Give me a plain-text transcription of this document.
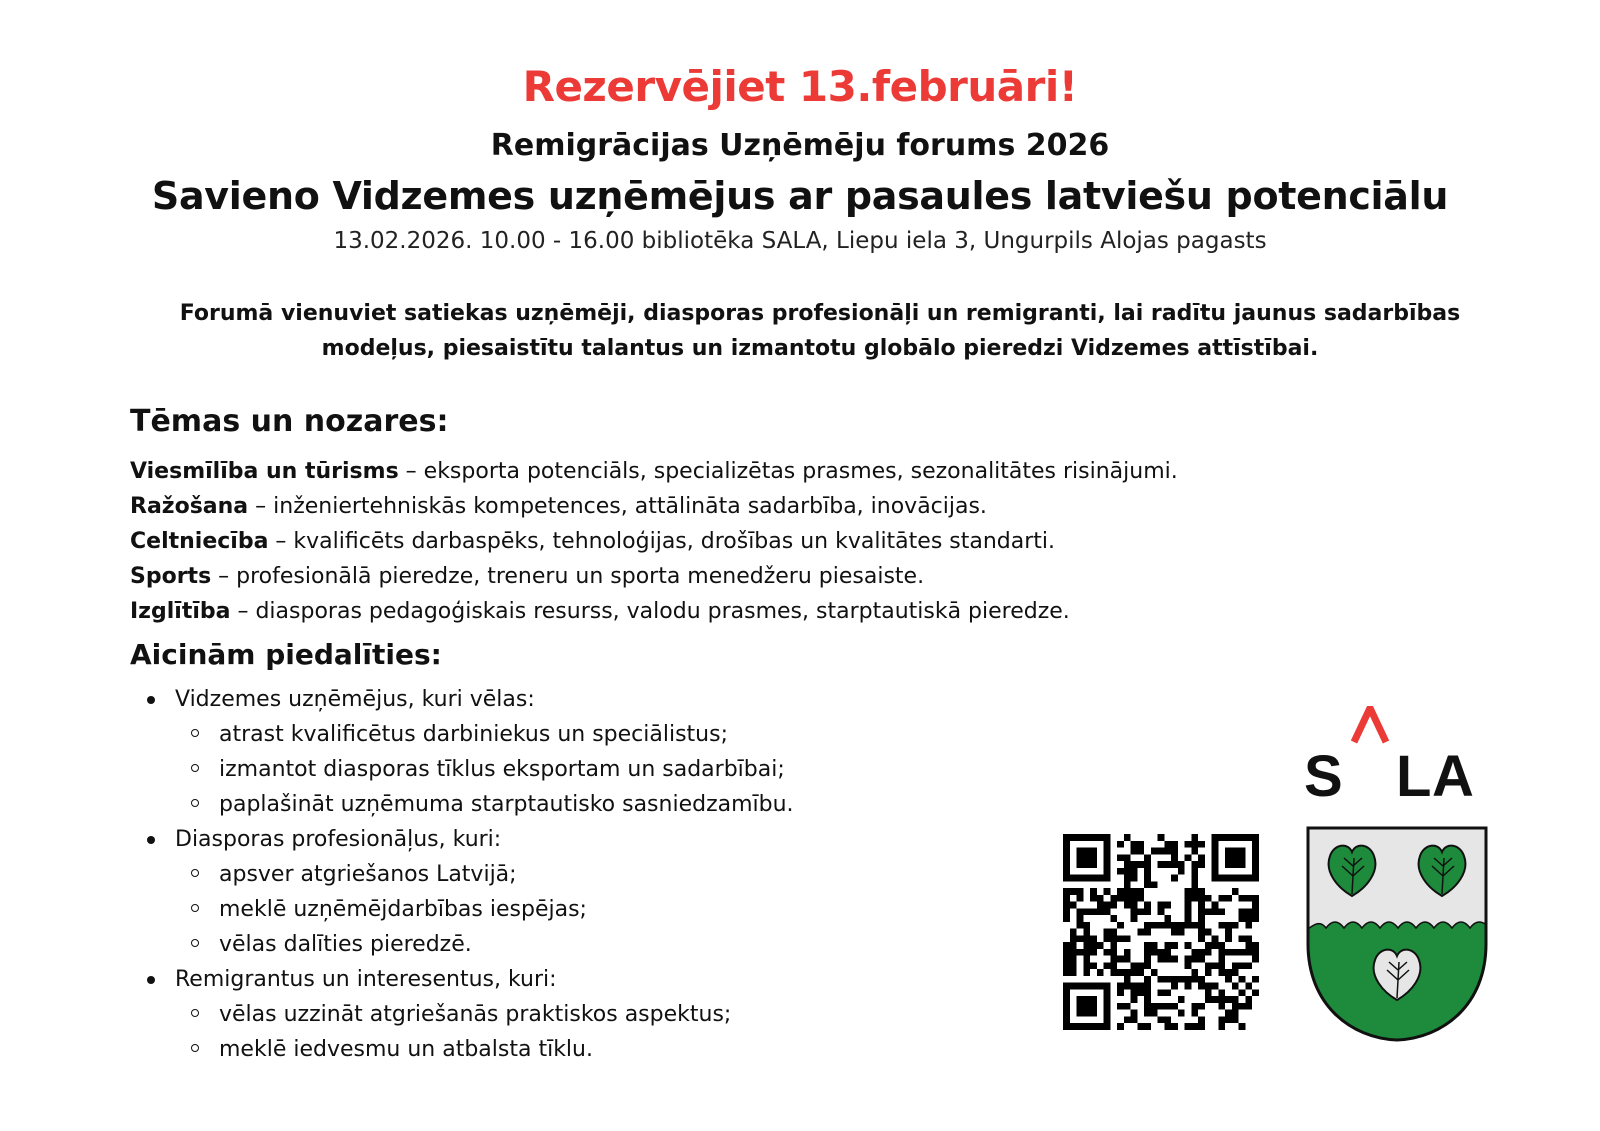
Rezervējiet 13.februāri!
Remigrācijas Uzņēmēju forums 2026
Savieno Vidzemes uzņēmējus ar pasaules latviešu potenciālu
13.02.2026. 10.00 - 16.00 bibliotēka SALA, Liepu iela 3, Ungurpils Alojas pagasts
Forumā vienuviet satiekas uzņēmēji, diasporas profesionāļi un remigranti, lai radītu jaunus sadarbības modeļus, piesaistītu talantus un izmantotu globālo pieredzi Vidzemes attīstībai.
Tēmas un nozares:
Viesmīlība un tūrisms – eksporta potenciāls, specializētas prasmes, sezonalitātes risinājumi.
Ražošana – inženiertehniskās kompetences, attālināta sadarbība, inovācijas.
Celtniecība – kvalificēts darbaspēks, tehnoloģijas, drošības un kvalitātes standarti.
Sports – profesionālā pieredze, treneru un sporta menedžeru piesaiste.
Izglītība – diasporas pedagoģiskais resurss, valodu prasmes, starptautiskā pieredze.
Aicinām piedalīties:
Vidzemes uzņēmējus, kuri vēlas:
atrast kvalificētus darbiniekus un speciālistus;
izmantot diasporas tīklus eksportam un sadarbībai;
paplašināt uzņēmuma starptautisko sasniedzamību.
Diasporas profesionāļus, kuri:
apsver atgriešanos Latvijā;
meklē uzņēmējdarbības iespējas;
vēlas dalīties pieredzē.
Remigrantus un interesentus, kuri:
vēlas uzzināt atgriešanās praktiskos aspektus;
meklē iedvesmu un atbalsta tīklu.
S L A
